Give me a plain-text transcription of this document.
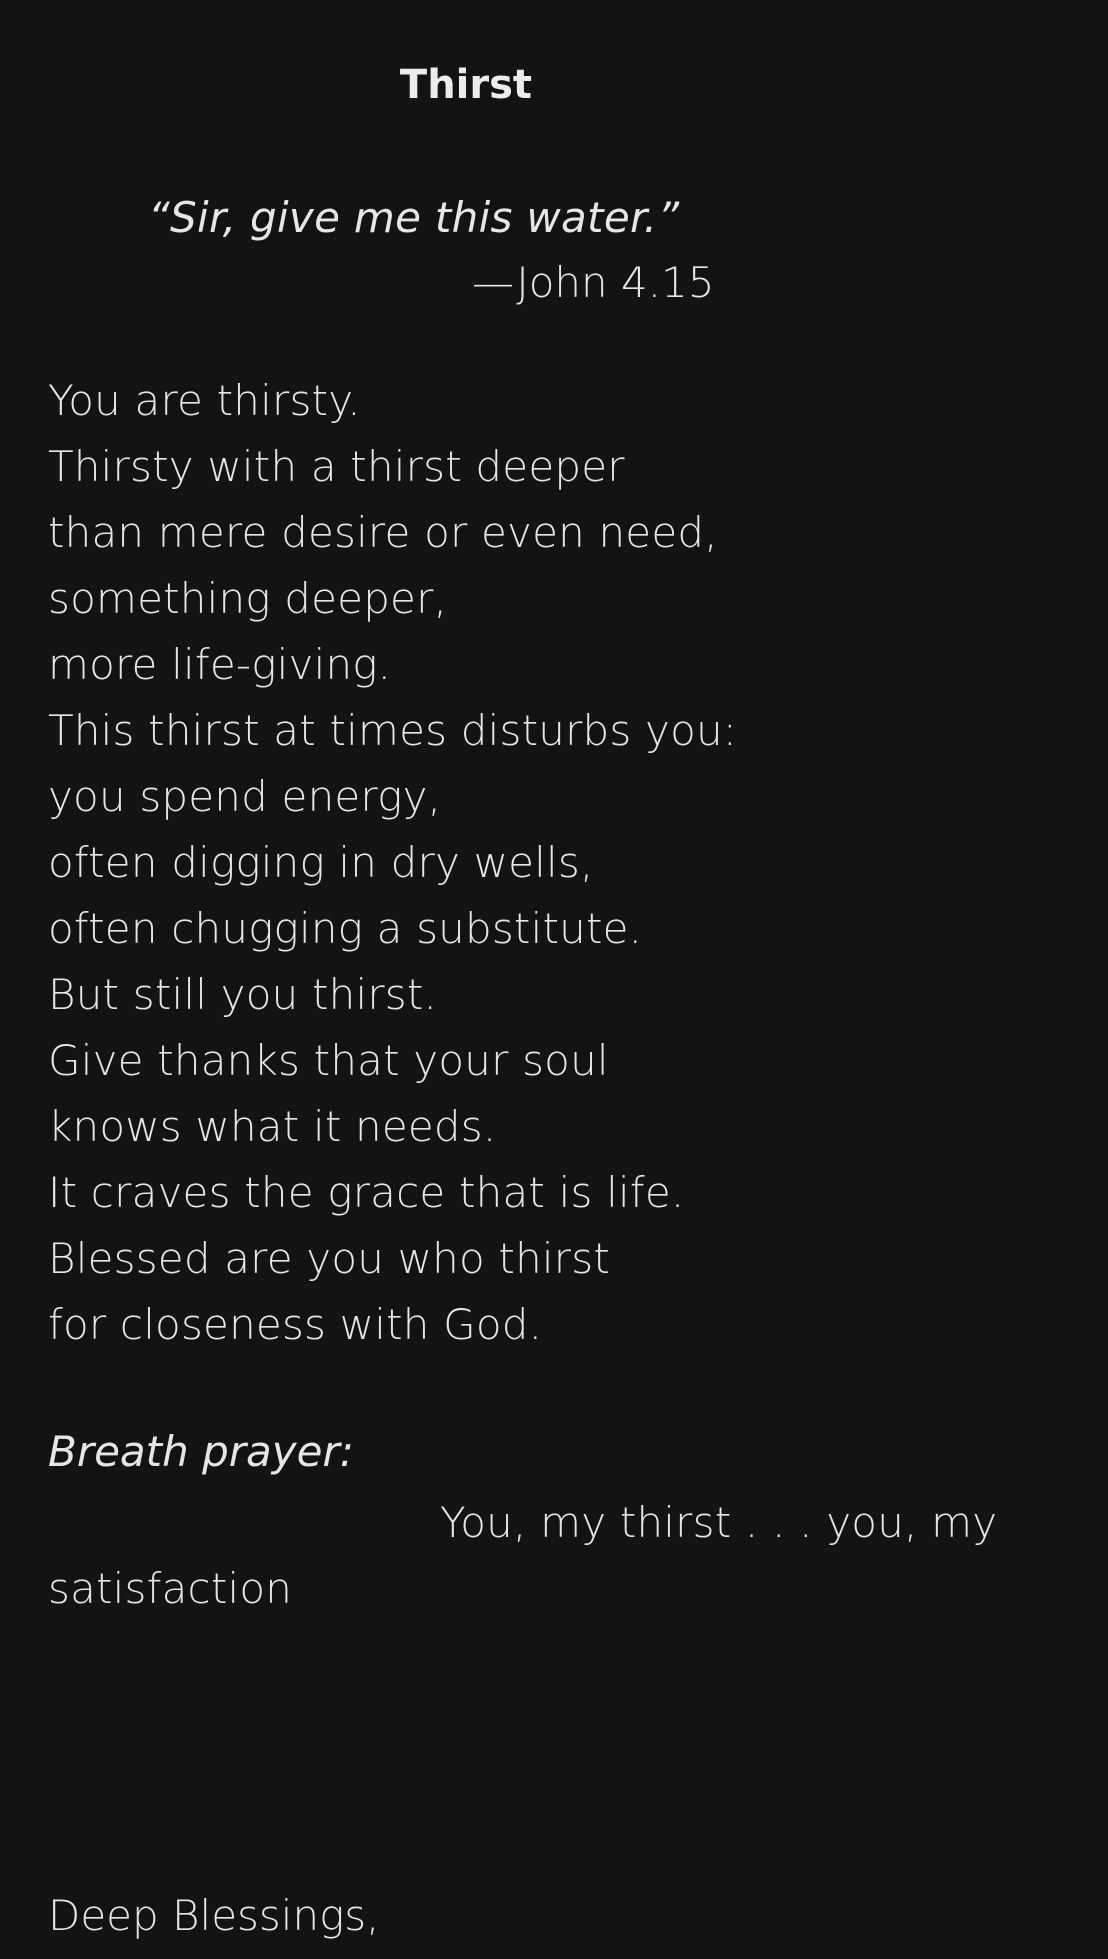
Thirst
“Sir, give me this water.”
—John 4.15
You are thirsty.
Thirsty with a thirst deeper
than mere desire or even need,
something deeper,
more life-giving.
This thirst at times disturbs you:
you spend energy,
often digging in dry wells,
often chugging a substitute.
But still you thirst.
Give thanks that your soul
knows what it needs.
It craves the grace that is life.
Blessed are you who thirst
for closeness with God.
Breath prayer:
You, my thirst . . . you, my satisfaction
Deep Blessings,
